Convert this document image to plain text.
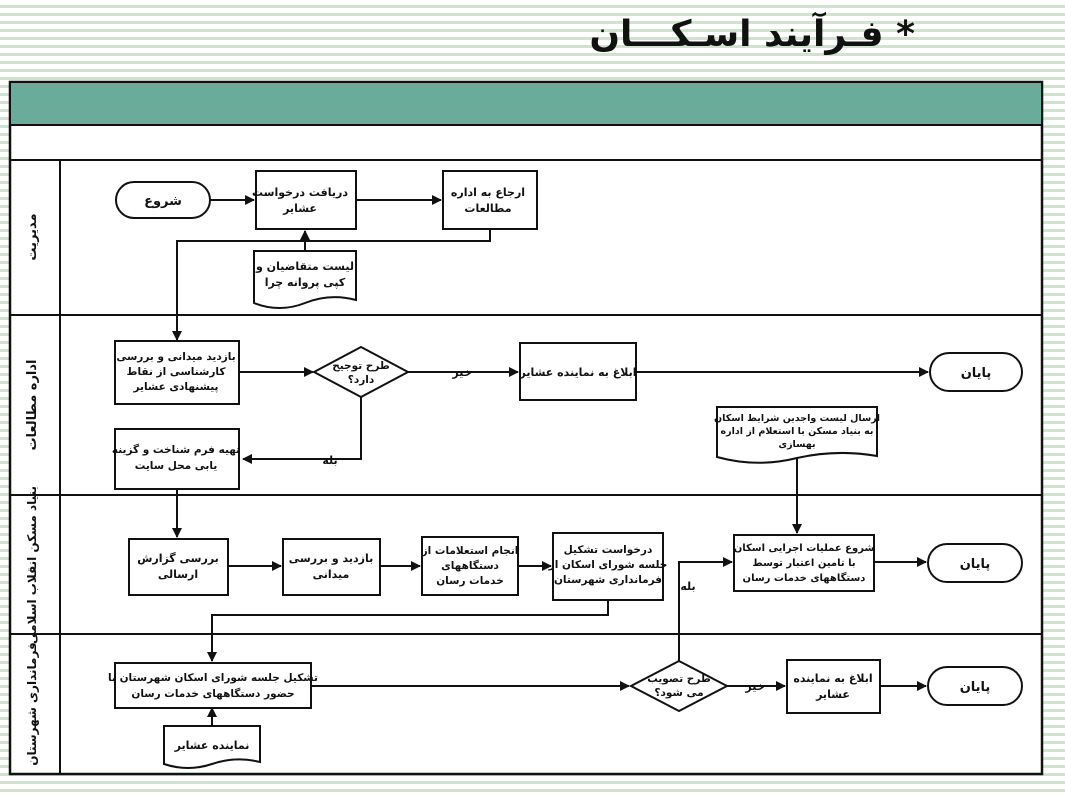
* فـرآیند اسـکـــان
مدیریت
اداره مطالعات
بنیاد مسکن انقلاب اسلامی
فرمانداری شهرستان
خیر
بله
بله
خیر
شروع
دریافت درخواست
عشایر
ارجاع به اداره
مطالعات
لیست متقاضیان و
کپی پروانه چرا
بازدید میدانی و بررسی
کارشناسی از نقاط
پیشنهادی عشایر
طرح توجیح
دارد؟
ابلاغ به نماینده عشایر	پایان
تهیه فرم شناخت و گزینه
یابی محل سایت
ارسال لیست واجدین شرایط اسکان
به بنیاد مسکن با استعلام از اداره
بهسازی
بررسی گزارش
ارسالی
بازدید و بررسی
میدانی
انجام استعلامات از
دستگاههای
خدمات رسان
درخواست تشکیل
جلسه شورای اسکان از
فرمانداری شهرستان
شروع عملیات اجرایی اسکان
با تامین اعتبار توسط
دستگاههای خدمات رسان
پایان
تشکیل جلسه شورای اسکان شهرستان با
حضور دستگاههای خدمات رسان
نماینده عشایر
طرح تصویب
می شود؟
ابلاغ به نماینده
عشایر	پایان
